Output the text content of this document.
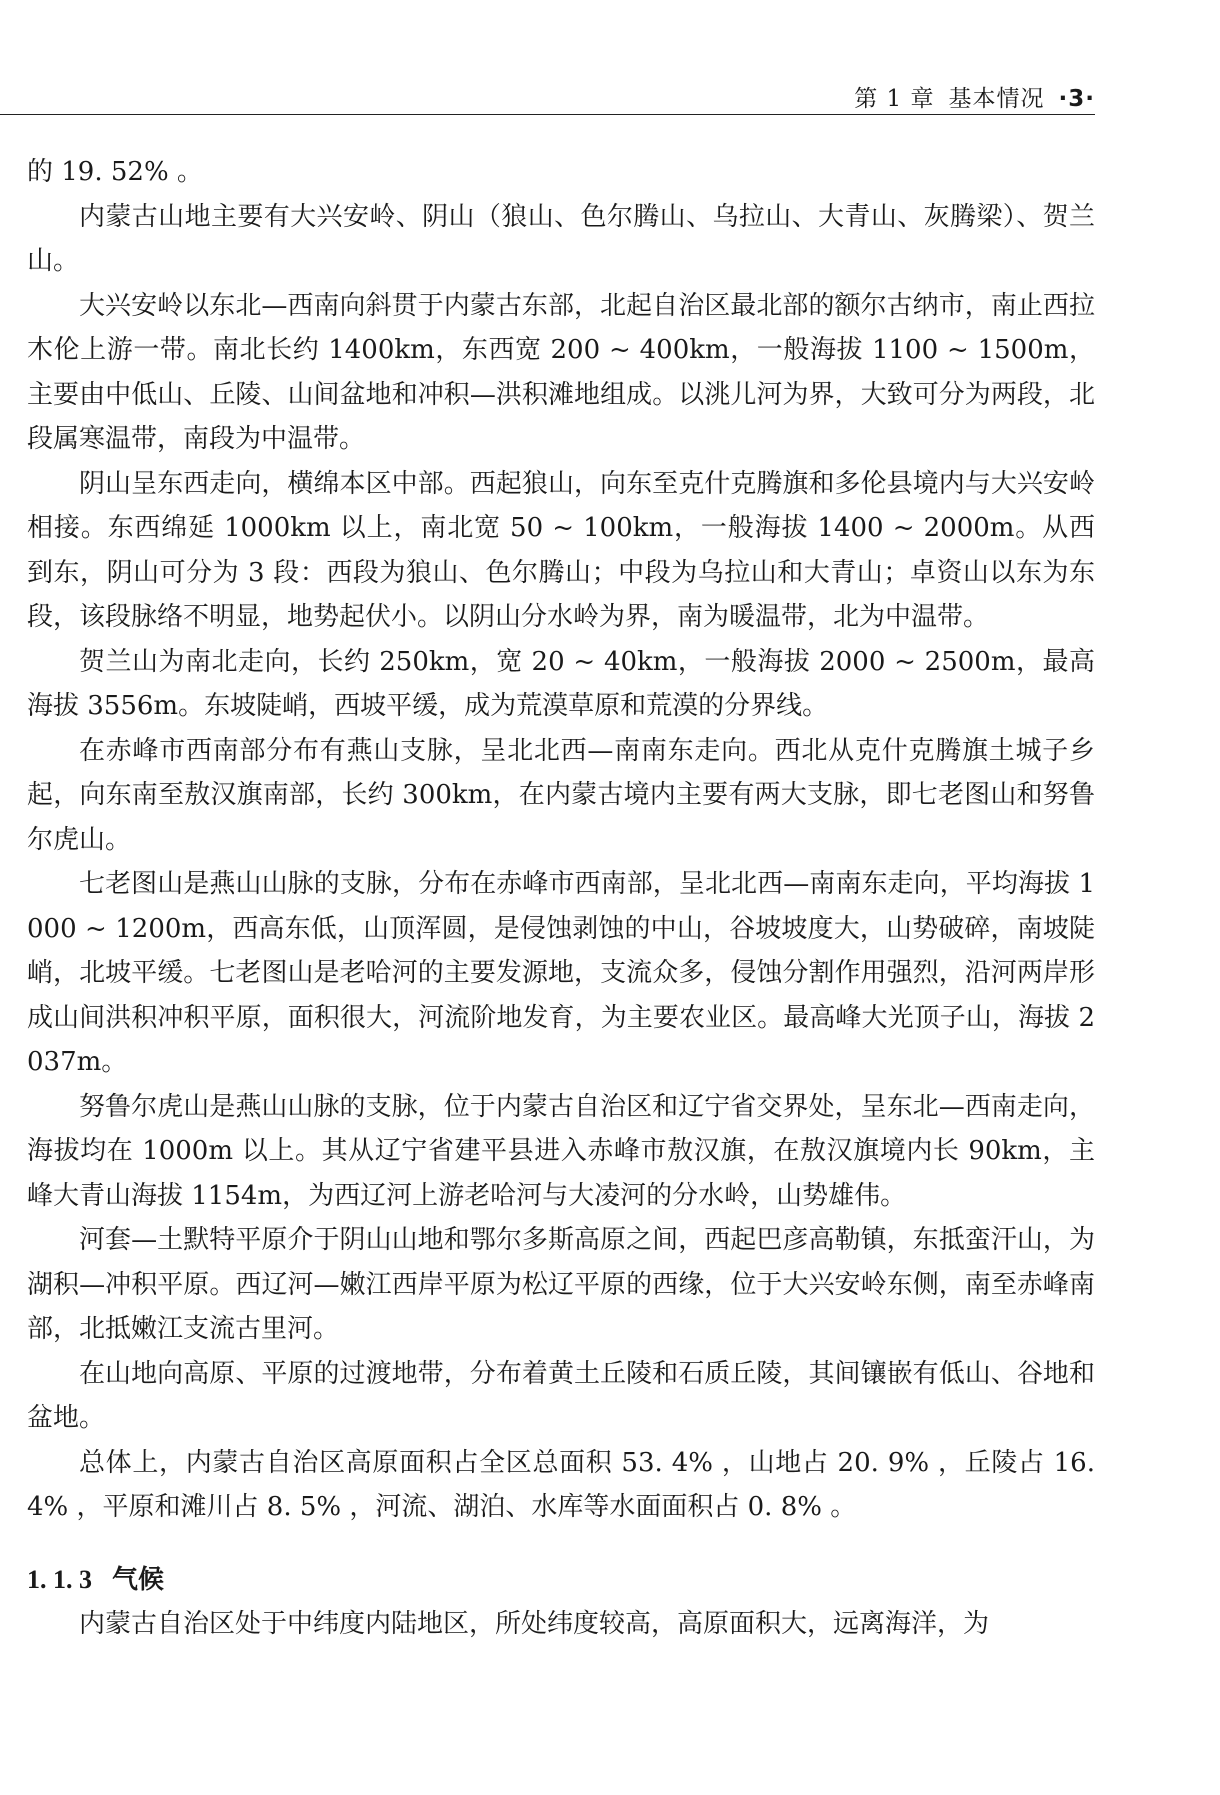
第 1 章 基本情况 ·3·

的 19. 52% 。

内蒙古山地主要有大兴安岭、阴山（狼山、色尔腾山、乌拉山、大青山、灰腾梁）、贺兰山。

大兴安岭以东北—西南向斜贯于内蒙古东部，北起自治区最北部的额尔古纳市，南止西拉木伦上游一带。南北长约 1400km，东西宽 200 ~ 400km，一般海拔 1100 ~ 1500m，主要由中低山、丘陵、山间盆地和冲积—洪积滩地组成。以洮儿河为界，大致可分为两段，北段属寒温带，南段为中温带。

阴山呈东西走向，横绵本区中部。西起狼山，向东至克什克腾旗和多伦县境内与大兴安岭相接。东西绵延 1000km 以上，南北宽 50 ~ 100km，一般海拔 1400 ~ 2000m。从西到东，阴山可分为 3 段：西段为狼山、色尔腾山；中段为乌拉山和大青山；卓资山以东为东段，该段脉络不明显，地势起伏小。以阴山分水岭为界，南为暖温带，北为中温带。

贺兰山为南北走向，长约 250km，宽 20 ~ 40km，一般海拔 2000 ~ 2500m，最高海拔 3556m。东坡陡峭，西坡平缓，成为荒漠草原和荒漠的分界线。

在赤峰市西南部分布有燕山支脉，呈北北西—南南东走向。西北从克什克腾旗土城子乡起，向东南至敖汉旗南部，长约 300km，在内蒙古境内主要有两大支脉，即七老图山和努鲁尔虎山。

七老图山是燕山山脉的支脉，分布在赤峰市西南部，呈北北西—南南东走向，平均海拔 1000 ~ 1200m，西高东低，山顶浑圆，是侵蚀剥蚀的中山，谷坡坡度大，山势破碎，南坡陡峭，北坡平缓。七老图山是老哈河的主要发源地，支流众多，侵蚀分割作用强烈，沿河两岸形成山间洪积冲积平原，面积很大，河流阶地发育，为主要农业区。最高峰大光顶子山，海拔 2037m。

努鲁尔虎山是燕山山脉的支脉，位于内蒙古自治区和辽宁省交界处，呈东北—西南走向，海拔均在 1000m 以上。其从辽宁省建平县进入赤峰市敖汉旗，在敖汉旗境内长 90km，主峰大青山海拔 1154m，为西辽河上游老哈河与大凌河的分水岭，山势雄伟。

河套—土默特平原介于阴山山地和鄂尔多斯高原之间，西起巴彦高勒镇，东抵蛮汗山，为湖积—冲积平原。西辽河—嫩江西岸平原为松辽平原的西缘，位于大兴安岭东侧，南至赤峰南部，北抵嫩江支流古里河。

在山地向高原、平原的过渡地带，分布着黄土丘陵和石质丘陵，其间镶嵌有低山、谷地和盆地。

总体上，内蒙古自治区高原面积占全区总面积 53. 4% ，山地占 20. 9% ，丘陵占 16. 4% ，平原和滩川占 8. 5% ，河流、湖泊、水库等水面面积占 0. 8% 。

1. 1. 3 气候

内蒙古自治区处于中纬度内陆地区，所处纬度较高，高原面积大，远离海洋，为
